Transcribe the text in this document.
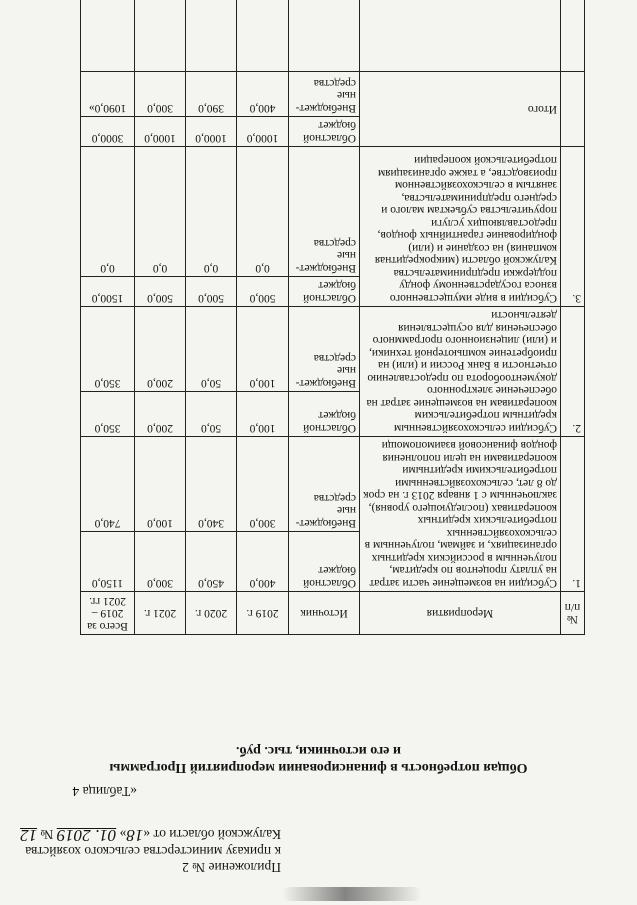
Приложение № 2
к приказу министерства сельского хозяйства
Калужской области от «18» 01. 2019 № 12
«Таблица 4
Общая потребность в финансировании мероприятий Программы
и его источники, тыс. руб.
№ п/п	Мероприятия	Источник	2019 г.	2020 г.	2021 г.	Всего за 2019 – 2021 гг.
1.	Субсидии на возмещение части затрат на уплату процентов по кредитам, полученным в российских кредитных организациях, и займам, полученным в сельскохозяйственных потребительских кредитных кооперативах (последующего уровня), заключенным с 1 января 2013 г. на срок до 8 лет, сельскохозяйственными потребительскими кредитными кооперативами на цели пополнения фондов финансовой взаимопомощи	Областной бюджет	400,0	450,0	300,0	1150,0
		Внебюджет-ные средства	300,0	340,0	100,0	740,0
2.	Субсидии сельскохозяйственным кредитным потребительским кооперативам на возмещение затрат на обеспечение электронного документооборота по предоставлению отчетности в Банк России и (или) на приобретение компьютерной техники, и (или) лицензионного программного обеспечения для осуществления деятельности	Областной бюджет	100,0	50,0	200,0	350,0
		Внебюджет-ные средства	100,0	50,0	200,0	350,0
3.	Субсидии в виде имущественного взноса государственному фонду поддержки предпринимательства Калужской области (микрокредитная компания) на создание и (или) фондирование гарантийных фондов, предоставляющих услуги поручительства субъектам малого и среднего предпринимательства, занятым в сельскохозяйственном производстве, а также организациям потребительской кооперации	Областной бюджет	500,0	500,0	500,0	1500,0
		Внебюджет-ные средства	0,0	0,0	0,0	0,0
	Итого	Областной бюджет	1000,0	1000,0	1000,0	3000,0
		Внебюджет-ные средства	400,0	390,0	300,0	1090,0»
